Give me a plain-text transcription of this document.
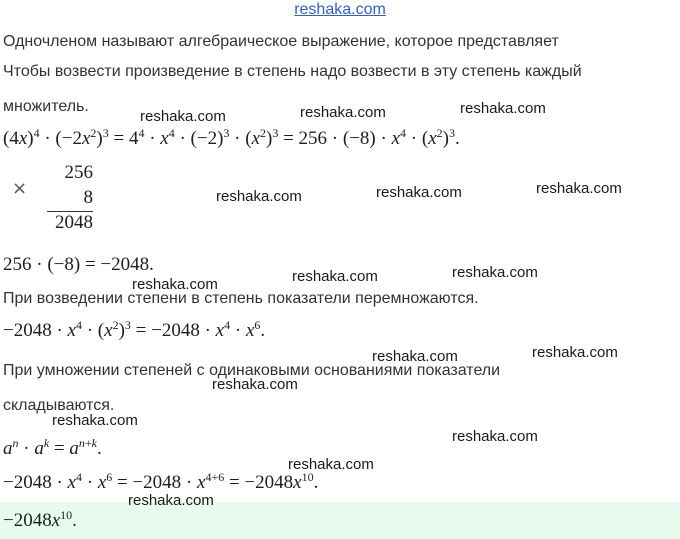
reshaka.com
Одночленом называют алгебраическое выражение, которое представляет
Чтобы возвести произведение в степень надо возвести в эту степень каждый
множитель.
$(4x)^4 \cdot (-2x^2)^3 = 4^4 \cdot x^4 \cdot (-2)^3 \cdot (x^2)^3 = 256 \cdot (-8) \cdot x^4 \cdot (x^2)^3$.
×
256
8
2048
256 · (−8) = −2048.
При возведении степени в степень показатели перемножаются.
$-2048 \cdot x^4 \cdot (x^2)^3 = -2048 \cdot x^4 \cdot x^6$.
При умножении степеней с одинаковыми основаниями показатели
складываются.
$a^n \cdot a^k = a^{n+k}$.
$-2048 \cdot x^4 \cdot x^6 = -2048 \cdot x^{4+6} = -2048x^{10}$.
$-2048x^{10}$.
reshaka.com	reshaka.com	reshaka.com
reshaka.com	reshaka.com	reshaka.com
reshaka.com	reshaka.com	reshaka.com
reshaka.com	reshaka.com
reshaka.com
reshaka.com
reshaka.com
reshaka.com
reshaka.com
